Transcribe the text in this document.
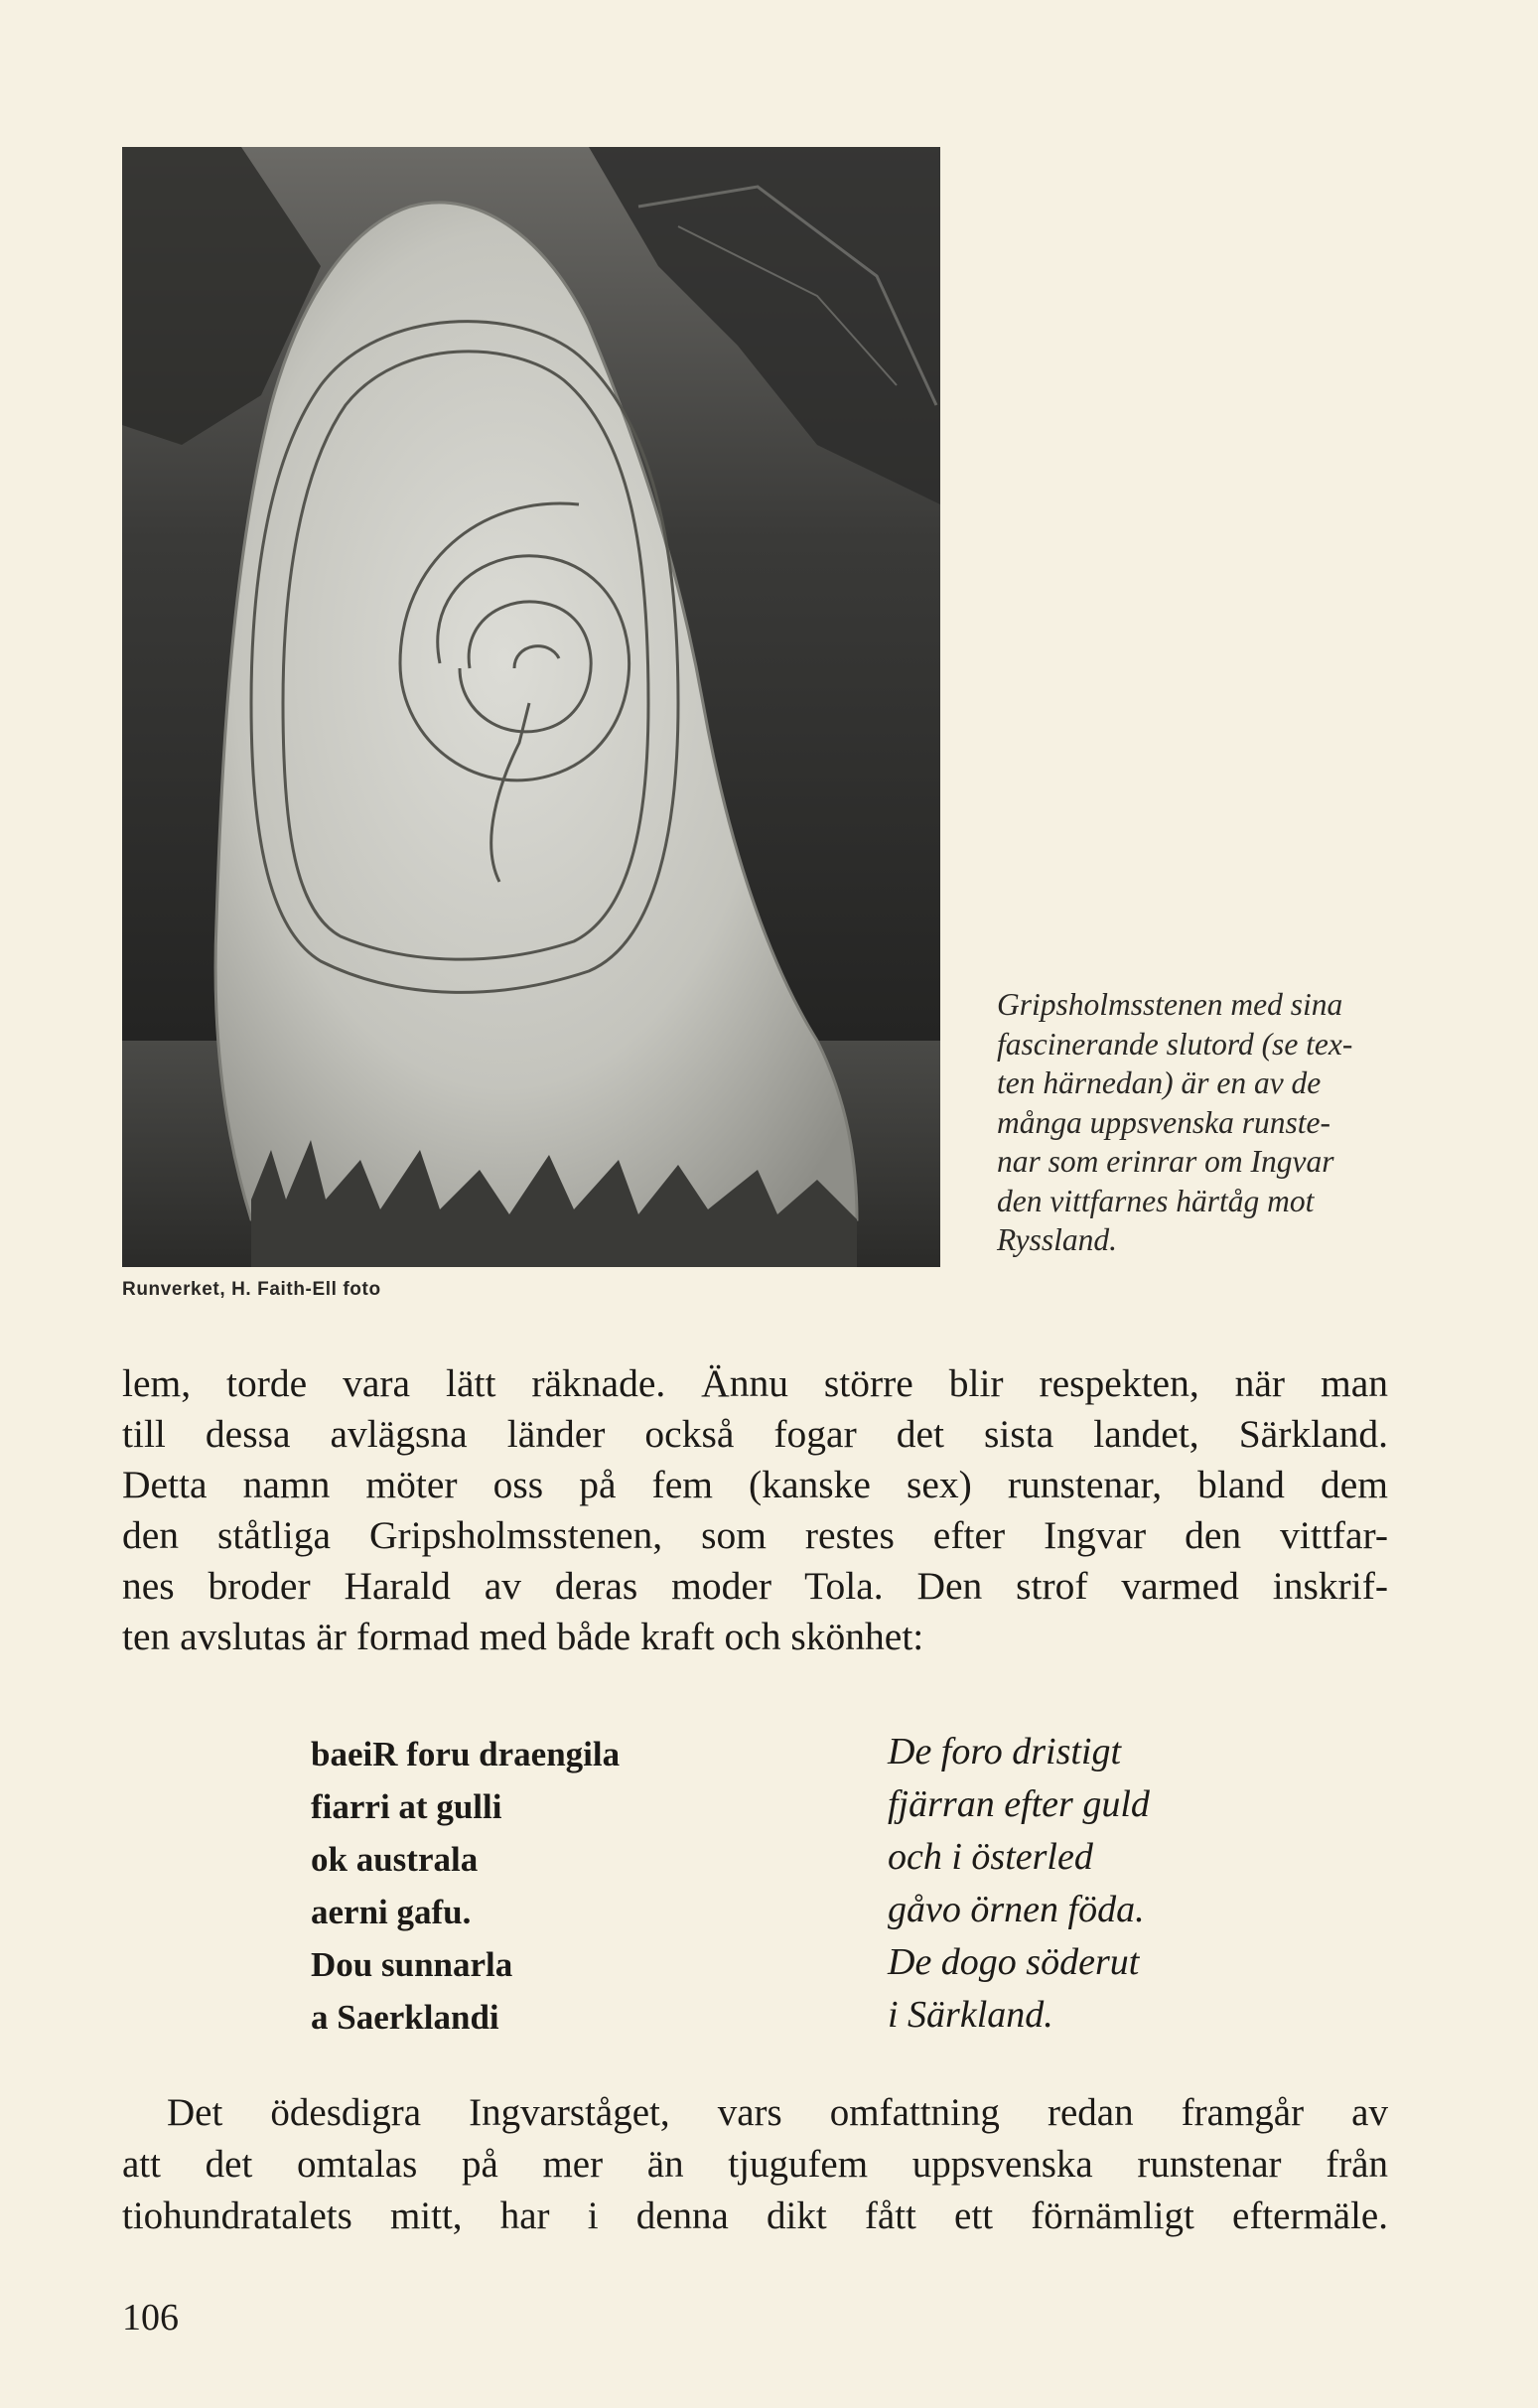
Runverket, H. Faith-Ell foto
Gripsholmsstenen med sina
fascinerande slutord (se tex-
ten härnedan) är en av de
många uppsvenska runste-
nar som erinrar om Ingvar
den vittfarnes härtåg mot
Ryssland.
lem, torde vara lätt räknade. Ännu större blir respekten, när man
till dessa avlägsna länder också fogar det sista landet, Särkland.
Detta namn möter oss på fem (kanske sex) runstenar, bland dem
den ståtliga Gripsholmsstenen, som restes efter Ingvar den vittfar-
nes broder Harald av deras moder Tola. Den strof varmed inskrif-
ten avslutas är formad med både kraft och skönhet:
baeiR foru draengila
fiarri at gulli
ok australa
aerni gafu.
Dou sunnarla
a Saerklandi
De foro dristigt
fjärran efter guld
och i österled
gåvo örnen föda.
De dogo söderut
i Särkland.
Det ödesdigra Ingvarståget, vars omfattning redan framgår av
att det omtalas på mer än tjugufem uppsvenska runstenar från
tiohundratalets mitt, har i denna dikt fått ett förnämligt eftermäle.
106
